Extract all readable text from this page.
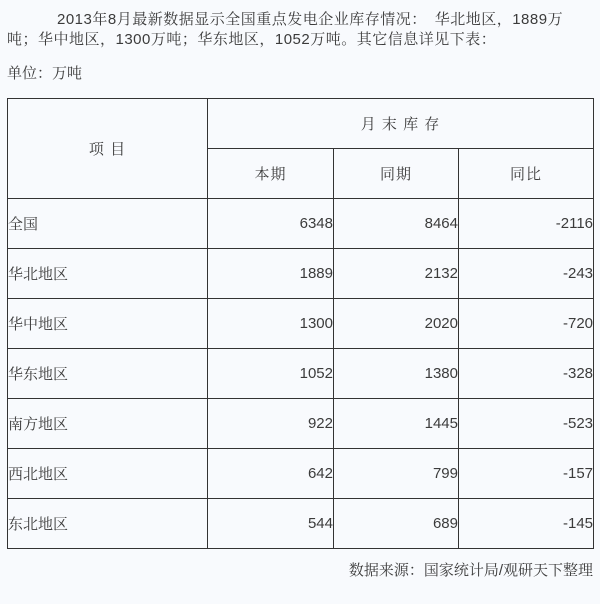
2013年8月最新数据显示全国重点发电企业库存情况：　华北地区，1889万吨；华中地区，1300万吨；华东地区，1052万吨。其它信息详见下表：

单位：万吨

项 目	月 末 库 存		
	本期	同期	同比
全国	6348	8464	-2116
华北地区	1889	2132	-243
华中地区	1300	2020	-720
华东地区	1052	1380	-328
南方地区	922	1445	-523
西北地区	642	799	-157
东北地区	544	689	-145

数据来源：国家统计局/观研天下整理
